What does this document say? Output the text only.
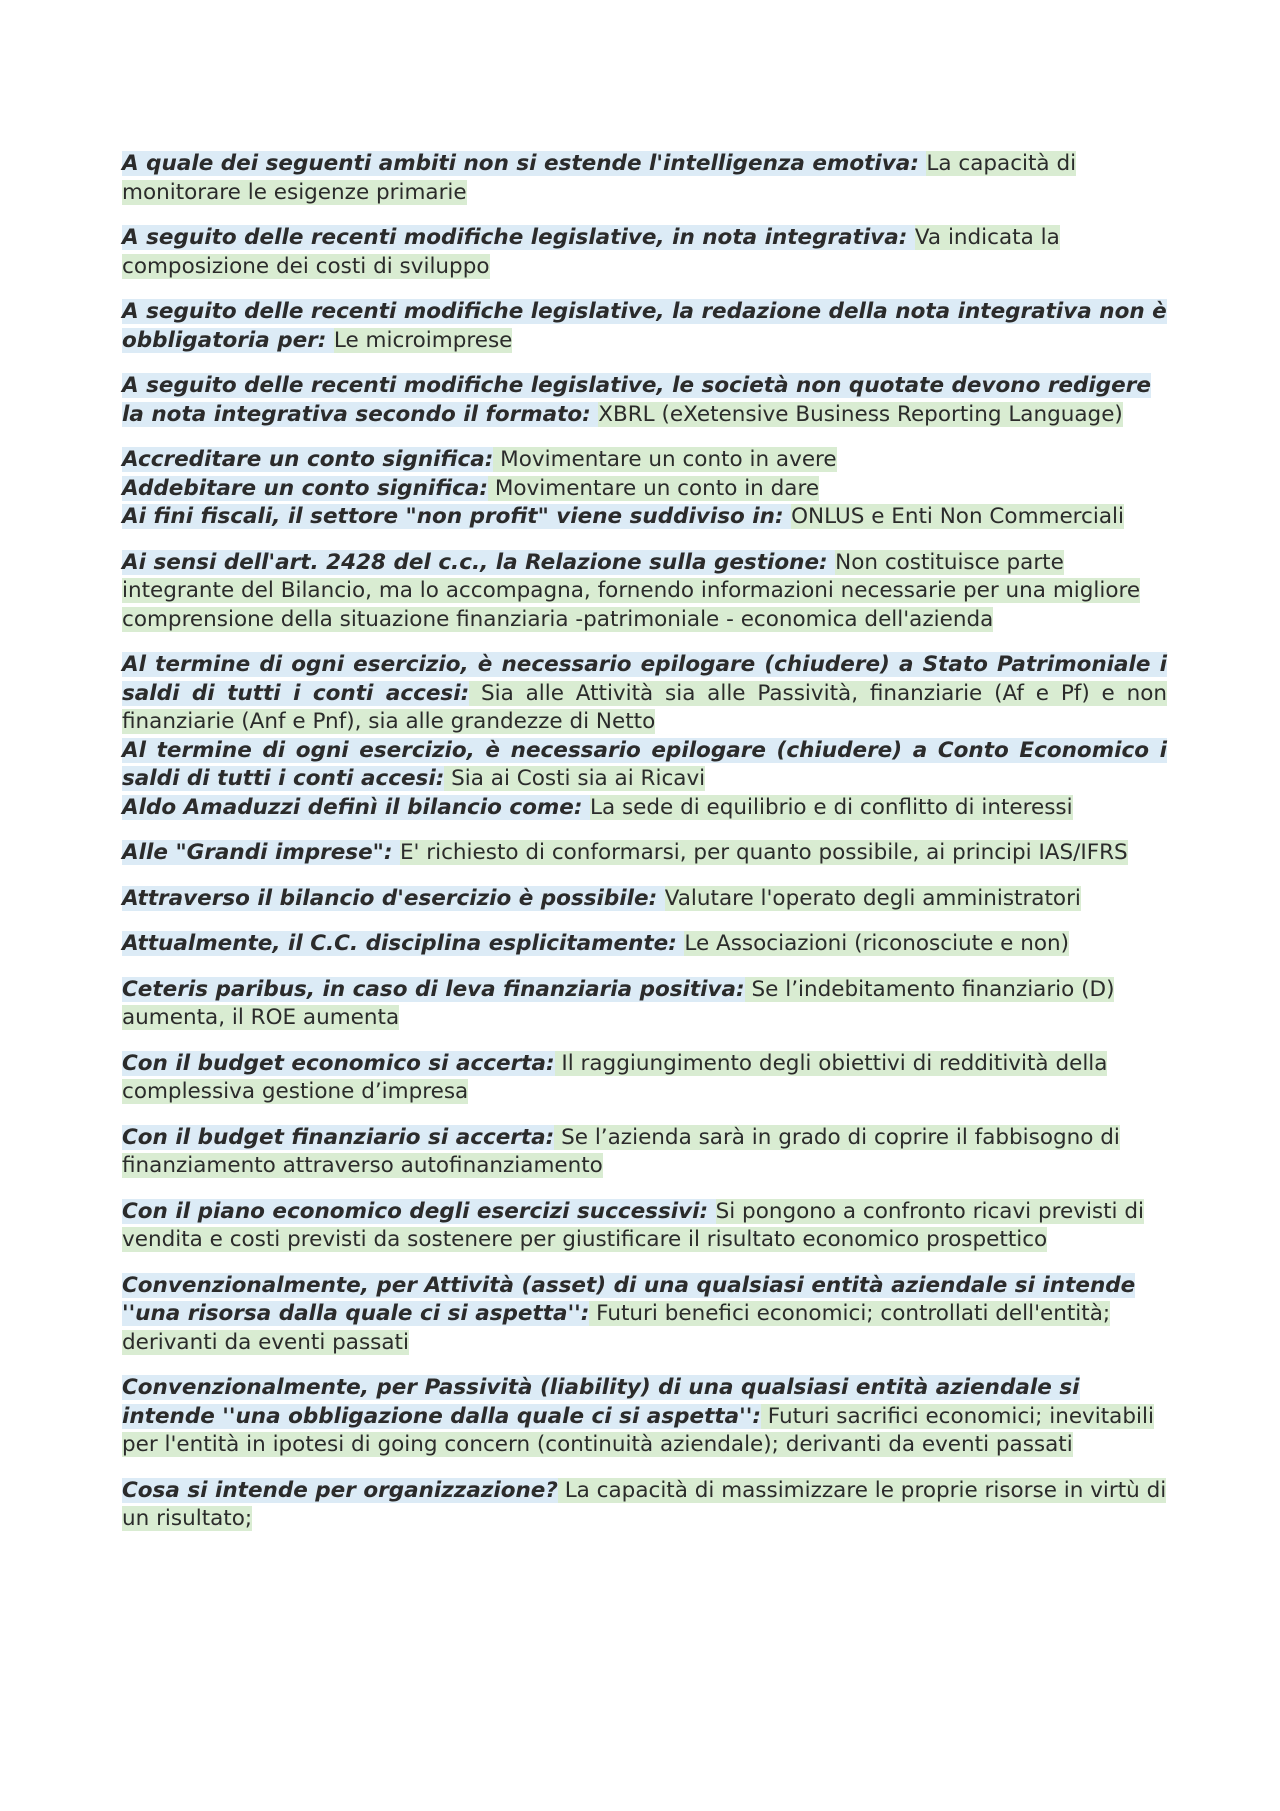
A quale dei seguenti ambiti non si estende l'intelligenza emotiva: La capacità di monitorare le esigenze primarie

A seguito delle recenti modifiche legislative, in nota integrativa: Va indicata la composizione dei costi di sviluppo

A seguito delle recenti modifiche legislative, la redazione della nota integrativa non è obbligatoria per: Le microimprese

A seguito delle recenti modifiche legislative, le società non quotate devono redigere la nota integrativa secondo il formato: XBRL (eXetensive Business Reporting Language)

Accreditare un conto significa: Movimentare un conto in avere

Addebitare un conto significa: Movimentare un conto in dare

Ai fini fiscali, il settore "non profit" viene suddiviso in: ONLUS e Enti Non Commerciali

Ai sensi dell'art. 2428 del c.c., la Relazione sulla gestione: Non costituisce parte integrante del Bilancio, ma lo accompagna, fornendo informazioni necessarie per una migliore comprensione della situazione finanziaria -patrimoniale - economica dell'azienda

Al termine di ogni esercizio, è necessario epilogare (chiudere) a Stato Patrimoniale i saldi di tutti i conti accesi: Sia alle Attività sia alle Passività, finanziarie (Af e Pf) e non finanziarie (Anf e Pnf), sia alle grandezze di Netto

Al termine di ogni esercizio, è necessario epilogare (chiudere) a Conto Economico i saldi di tutti i conti accesi: Sia ai Costi sia ai Ricavi

Aldo Amaduzzi definì il bilancio come: La sede di equilibrio e di conflitto di interessi

Alle "Grandi imprese": E' richiesto di conformarsi, per quanto possibile, ai principi IAS/IFRS

Attraverso il bilancio d'esercizio è possibile: Valutare l'operato degli amministratori

Attualmente, il C.C. disciplina esplicitamente: Le Associazioni (riconosciute e non)

Ceteris paribus, in caso di leva finanziaria positiva: Se l’indebitamento finanziario (D) aumenta, il ROE aumenta

Con il budget economico si accerta: Il raggiungimento degli obiettivi di redditività della complessiva gestione d’impresa

Con il budget finanziario si accerta: Se l’azienda sarà in grado di coprire il fabbisogno di finanziamento attraverso autofinanziamento

Con il piano economico degli esercizi successivi: Si pongono a confronto ricavi previsti di vendita e costi previsti da sostenere per giustificare il risultato economico prospettico

Convenzionalmente, per Attività (asset) di una qualsiasi entità aziendale si intende ''una risorsa dalla quale ci si aspetta'': Futuri benefici economici; controllati dell'entità; derivanti da eventi passati

Convenzionalmente, per Passività (liability) di una qualsiasi entità aziendale si intende ''una obbligazione dalla quale ci si aspetta'': Futuri sacrifici economici; inevitabili per l'entità in ipotesi di going concern (continuità aziendale); derivanti da eventi passati

Cosa si intende per organizzazione? La capacità di massimizzare le proprie risorse in virtù di un risultato;
